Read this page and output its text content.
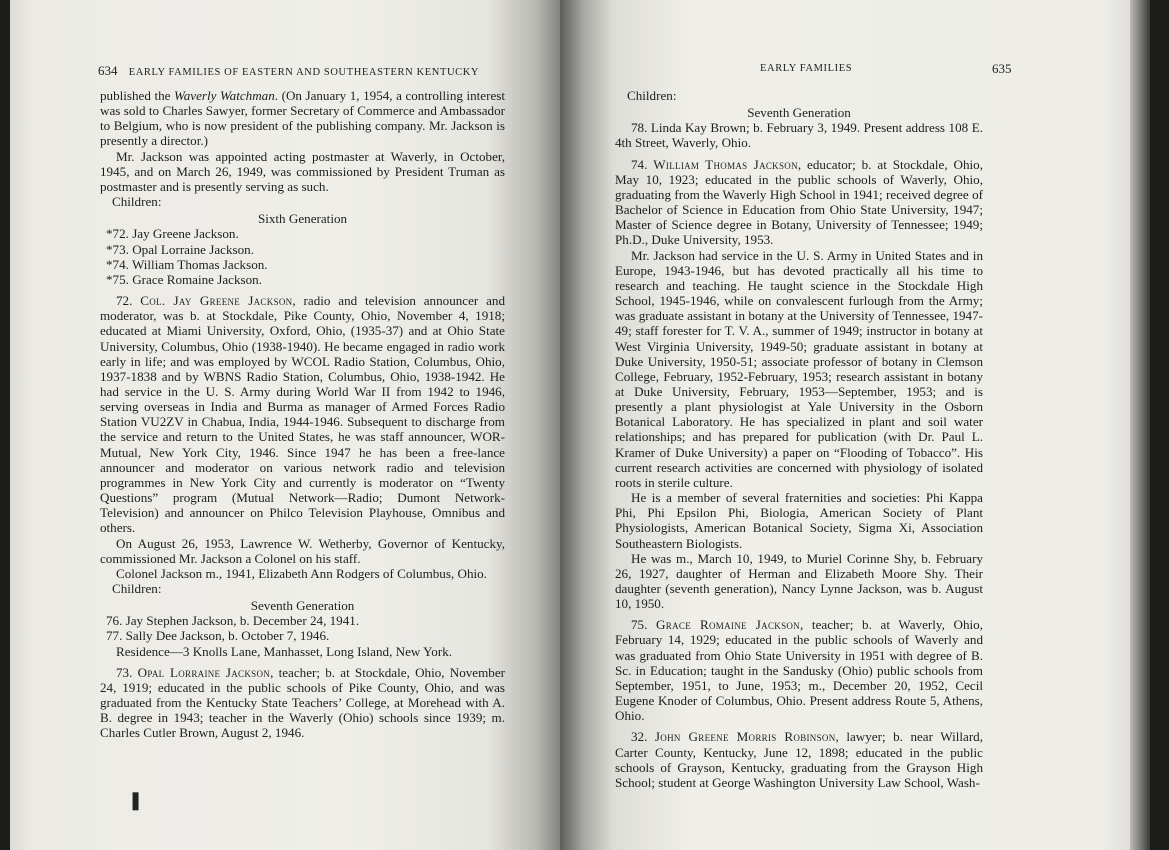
634 EARLY FAMILIES OF EASTERN AND SOUTHEASTERN KENTUCKY

published the Waverly Watchman. (On January 1, 1954, a controlling interest was sold to Charles Sawyer, former Secretary of Commerce and Ambassador to Belgium, who is now president of the publishing company. Mr. Jackson is presently a director.)

Mr. Jackson was appointed acting postmaster at Waverly, in October, 1945, and on March 26, 1949, was commissioned by President Truman as postmaster and is presently serving as such.

Children:

Sixth Generation

*72. Jay Greene Jackson.

*73. Opal Lorraine Jackson.

*74. William Thomas Jackson.

*75. Grace Romaine Jackson.

72. Col. Jay Greene Jackson, radio and television announcer and moderator, was b. at Stockdale, Pike County, Ohio, November 4, 1918; educated at Miami University, Oxford, Ohio, (1935-37) and at Ohio State University, Columbus, Ohio (1938-1940). He became engaged in radio work early in life; and was employed by WCOL Radio Station, Columbus, Ohio, 1937-1838 and by WBNS Radio Station, Columbus, Ohio, 1938-1942. He had service in the U. S. Army during World War II from 1942 to 1946, serving overseas in India and Burma as manager of Armed Forces Radio Station VU2ZV in Chabua, India, 1944-1946. Subsequent to discharge from the service and return to the United States, he was staff announcer, WOR-Mutual, New York City, 1946. Since 1947 he has been a free-lance announcer and moderator on various network radio and television programmes in New York City and currently is moderator on “Twenty Questions” program (Mutual Network—Radio; Dumont Network-Television) and announcer on Philco Television Playhouse, Omnibus and others.

On August 26, 1953, Lawrence W. Wetherby, Governor of Kentucky, commissioned Mr. Jackson a Colonel on his staff.

Colonel Jackson m., 1941, Elizabeth Ann Rodgers of Columbus, Ohio.

Children:

Seventh Generation

76. Jay Stephen Jackson, b. December 24, 1941.

77. Sally Dee Jackson, b. October 7, 1946.

Residence—3 Knolls Lane, Manhasset, Long Island, New York.

73. Opal Lorraine Jackson, teacher; b. at Stockdale, Ohio, November 24, 1919; educated in the public schools of Pike County, Ohio, and was graduated from the Kentucky State Teachers’ College, at Morehead with A. B. degree in 1943; teacher in the Waverly (Ohio) schools since 1939; m. Charles Cutler Brown, August 2, 1946.

❚
EARLY FAMILIES	635

Children:

Seventh Generation

78. Linda Kay Brown; b. February 3, 1949. Present address 108 E. 4th Street, Waverly, Ohio.

74. William Thomas Jackson, educator; b. at Stockdale, Ohio, May 10, 1923; educated in the public schools of Waverly, Ohio, graduating from the Waverly High School in 1941; received degree of Bachelor of Science in Education from Ohio State University, 1947; Master of Science degree in Botany, University of Tennessee; 1949; Ph.D., Duke University, 1953.

Mr. Jackson had service in the U. S. Army in United States and in Europe, 1943-1946, but has devoted practically all his time to research and teaching. He taught science in the Stockdale High School, 1945-1946, while on convalescent furlough from the Army; was graduate assistant in botany at the University of Tennessee, 1947-49; staff forester for T. V. A., summer of 1949; instructor in botany at West Virginia University, 1949-50; graduate assistant in botany at Duke University, 1950-51; associate professor of botany in Clemson College, February, 1952-February, 1953; research assistant in botany at Duke University, February, 1953—September, 1953; and is presently a plant physiologist at Yale University in the Osborn Botanical Laboratory. He has specialized in plant and soil water relationships; and has prepared for publication (with Dr. Paul L. Kramer of Duke University) a paper on “Flooding of Tobacco”. His current research activities are concerned with physiology of isolated roots in sterile culture.

He is a member of several fraternities and societies: Phi Kappa Phi, Phi Epsilon Phi, Biologia, American Society of Plant Physiologists, American Botanical Society, Sigma Xi, Association Southeastern Biologists.

He was m., March 10, 1949, to Muriel Corinne Shy, b. February 26, 1927, daughter of Herman and Elizabeth Moore Shy. Their daughter (seventh generation), Nancy Lynne Jackson, was b. August 10, 1950.

75. Grace Romaine Jackson, teacher; b. at Waverly, Ohio, February 14, 1929; educated in the public schools of Waverly and was graduated from Ohio State University in 1951 with degree of B. Sc. in Education; taught in the Sandusky (Ohio) public schools from September, 1951, to June, 1953; m., December 20, 1952, Cecil Eugene Knoder of Columbus, Ohio. Present address Route 5, Athens, Ohio.

32. John Greene Morris Robinson, lawyer; b. near Willard, Carter County, Kentucky, June 12, 1898; educated in the public schools of Grayson, Kentucky, graduating from the Grayson High School; student at George Washington University Law School, Wash-
